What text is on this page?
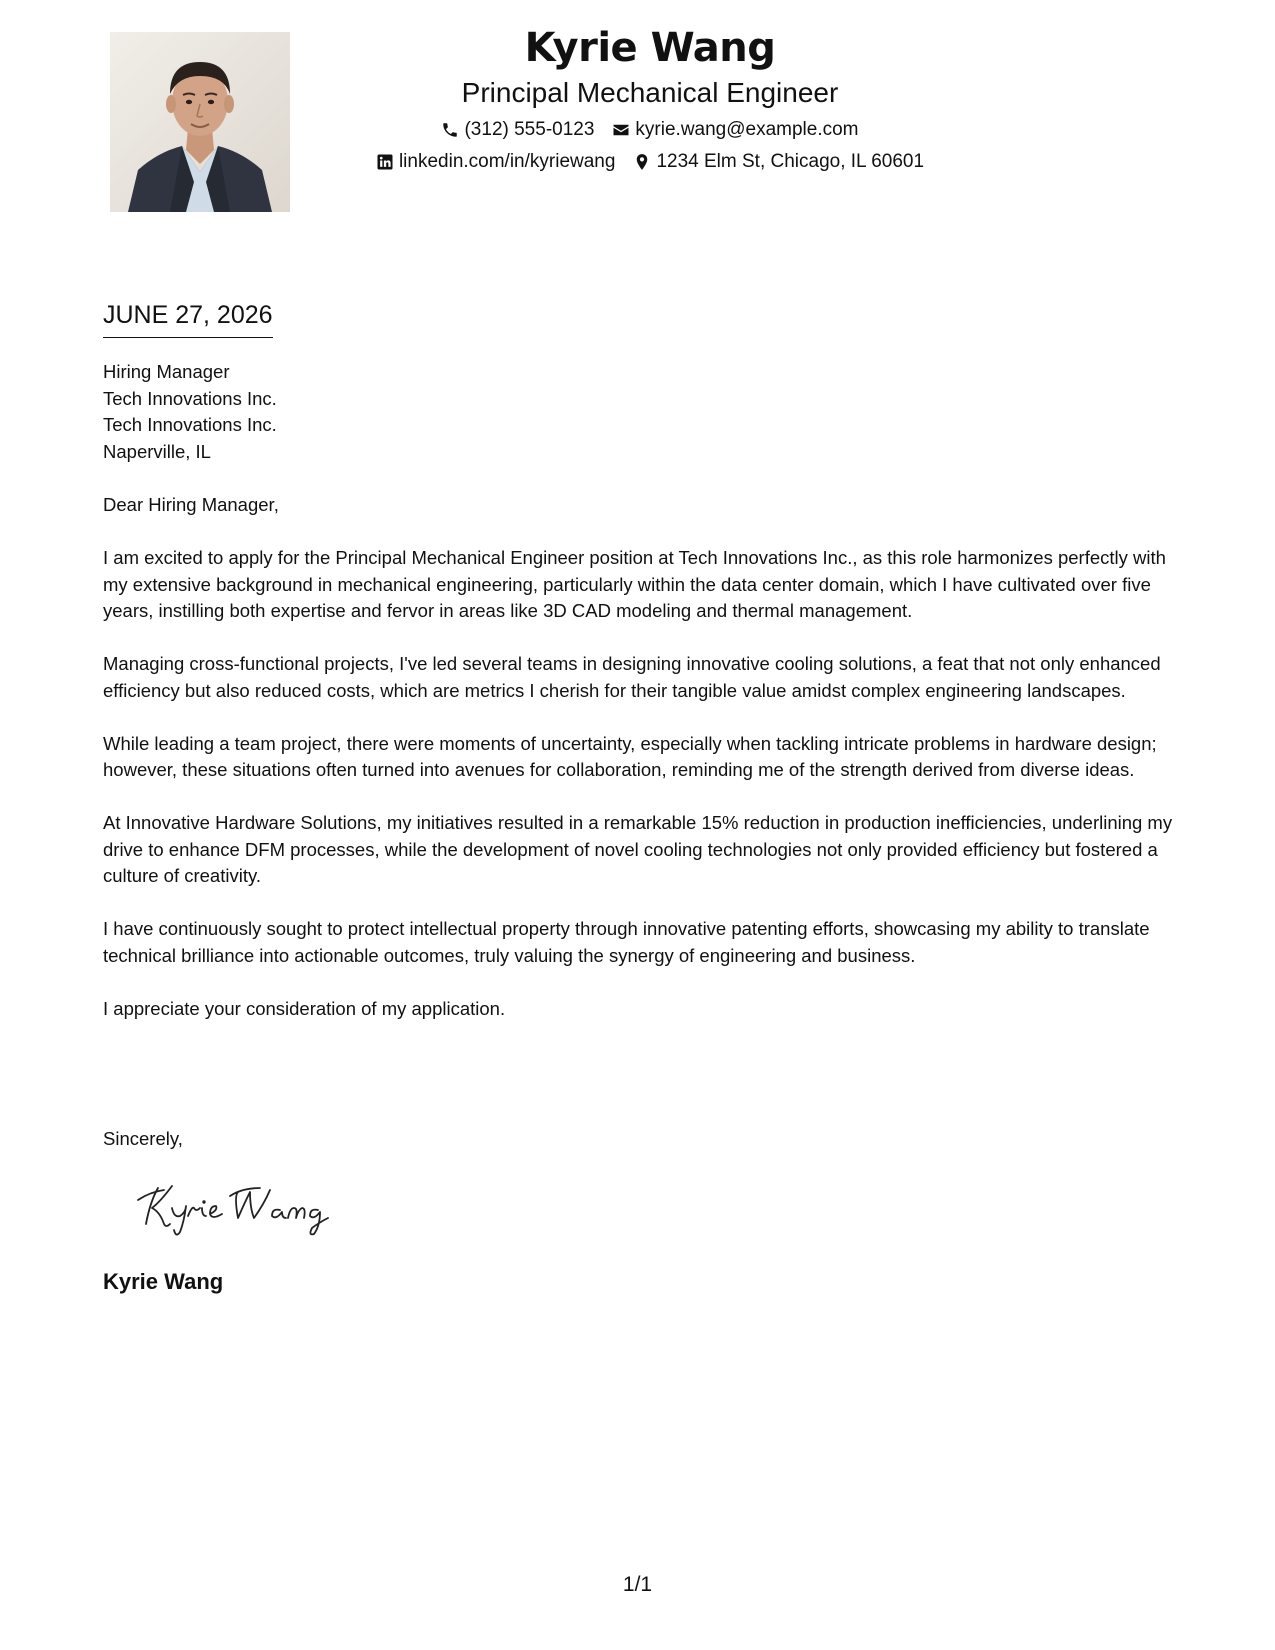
Kyrie Wang
Principal Mechanical Engineer
(312) 555-0123 kyrie.wang@example.com
linkedin.com/in/kyriewang 1234 Elm St, Chicago, IL 60601
JUNE 27, 2026
Hiring Manager
Tech Innovations Inc.
Tech Innovations Inc.
Naperville, IL
Dear Hiring Manager,

I am excited to apply for the Principal Mechanical Engineer position at Tech Innovations Inc., as this role harmonizes perfectly with my extensive background in mechanical engineering, particularly within the data center domain, which I have cultivated over five years, instilling both expertise and fervor in areas like 3D CAD modeling and thermal management.

Managing cross-functional projects, I've led several teams in designing innovative cooling solutions, a feat that not only enhanced efficiency but also reduced costs, which are metrics I cherish for their tangible value amidst complex engineering landscapes.

While leading a team project, there were moments of uncertainty, especially when tackling intricate problems in hardware design; however, these situations often turned into avenues for collaboration, reminding me of the strength derived from diverse ideas.

At Innovative Hardware Solutions, my initiatives resulted in a remarkable 15% reduction in production inefficiencies, underlining my drive to enhance DFM processes, while the development of novel cooling technologies not only provided efficiency but fostered a culture of creativity.

I have continuously sought to protect intellectual property through innovative patenting efforts, showcasing my ability to translate technical brilliance into actionable outcomes, truly valuing the synergy of engineering and business.

I appreciate your consideration of my application.

Sincerely,
Kyrie Wang
1/1
